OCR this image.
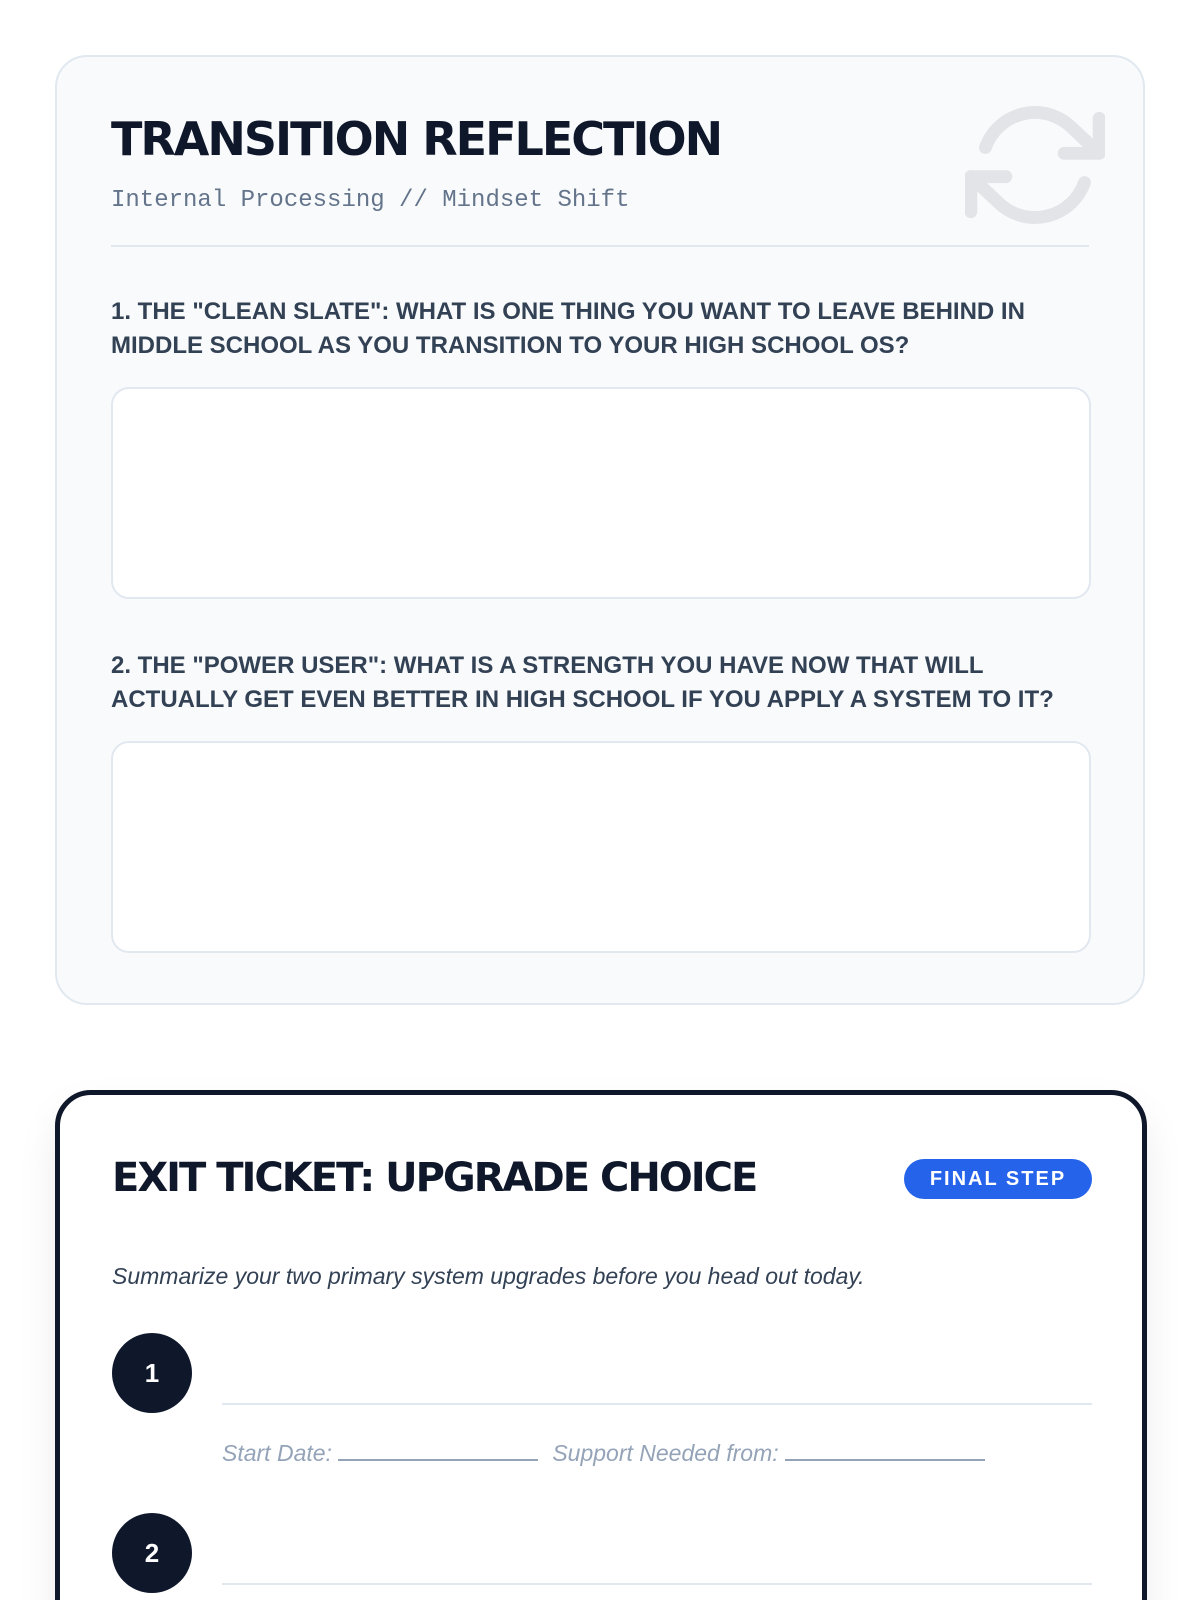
TRANSITION REFLECTION
Internal Processing // Mindset Shift
1. THE "CLEAN SLATE": WHAT IS ONE THING YOU WANT TO LEAVE BEHIND IN MIDDLE SCHOOL AS YOU TRANSITION TO YOUR HIGH SCHOOL OS?
2. THE "POWER USER": WHAT IS A STRENGTH YOU HAVE NOW THAT WILL ACTUALLY GET EVEN BETTER IN HIGH SCHOOL IF YOU APPLY A SYSTEM TO IT?
EXIT TICKET: UPGRADE CHOICE	FINAL STEP

Summarize your two primary system upgrades before you head out today.

1
Start Date:	Support Needed from:
2
